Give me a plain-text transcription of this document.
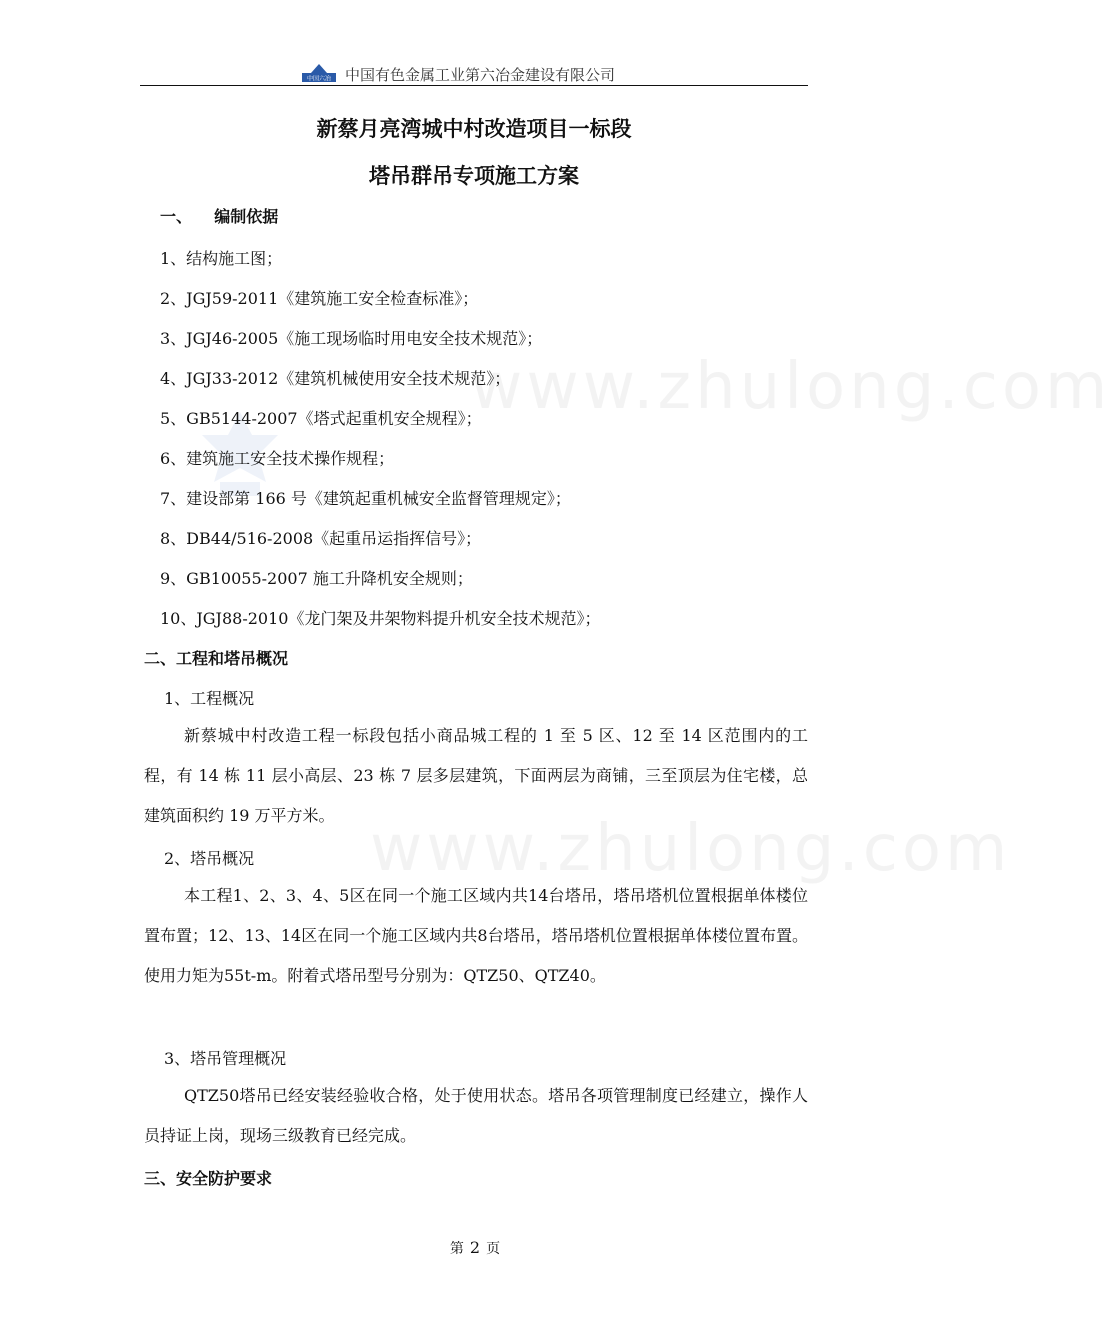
www.zhulong.com
www.zhulong.com
中国六冶 中国有色金属工业第六冶金建设有限公司
新蔡月亮湾城中村改造项目一标段
塔吊群吊专项施工方案
一、    编制依据
1、结构施工图；
2、JGJ59-2011《建筑施工安全检查标准》；
3、JGJ46-2005《施工现场临时用电安全技术规范》；
4、JGJ33-2012《建筑机械使用安全技术规范》；
5、GB5144-2007《塔式起重机安全规程》；
6、建筑施工安全技术操作规程；
7、建设部第 166 号《建筑起重机械安全监督管理规定》；
8、DB44/516-2008《起重吊运指挥信号》；
9、GB10055-2007 施工升降机安全规则；
10、JGJ88-2010《龙门架及井架物料提升机安全技术规范》；
二、工程和塔吊概况
1、工程概况
新蔡城中村改造工程一标段包括小商品城工程的 1 至 5 区、12 至 14 区范围内的工程，有 14 栋 11 层小高层、23 栋 7 层多层建筑，下面两层为商铺，三至顶层为住宅楼，总建筑面积约 19 万平方米。
2、塔吊概况
本工程1、2、3、4、5区在同一个施工区域内共14台塔吊，塔吊塔机位置根据单体楼位置布置；12、13、14区在同一个施工区域内共8台塔吊，塔吊塔机位置根据单体楼位置布置。使用力矩为55t-m。附着式塔吊型号分别为：QTZ50、QTZ40。
3、塔吊管理概况
QTZ50塔吊已经安装经验收合格，处于使用状态。塔吊各项管理制度已经建立，操作人员持证上岗，现场三级教育已经完成。
三、安全防护要求
第 2 页
